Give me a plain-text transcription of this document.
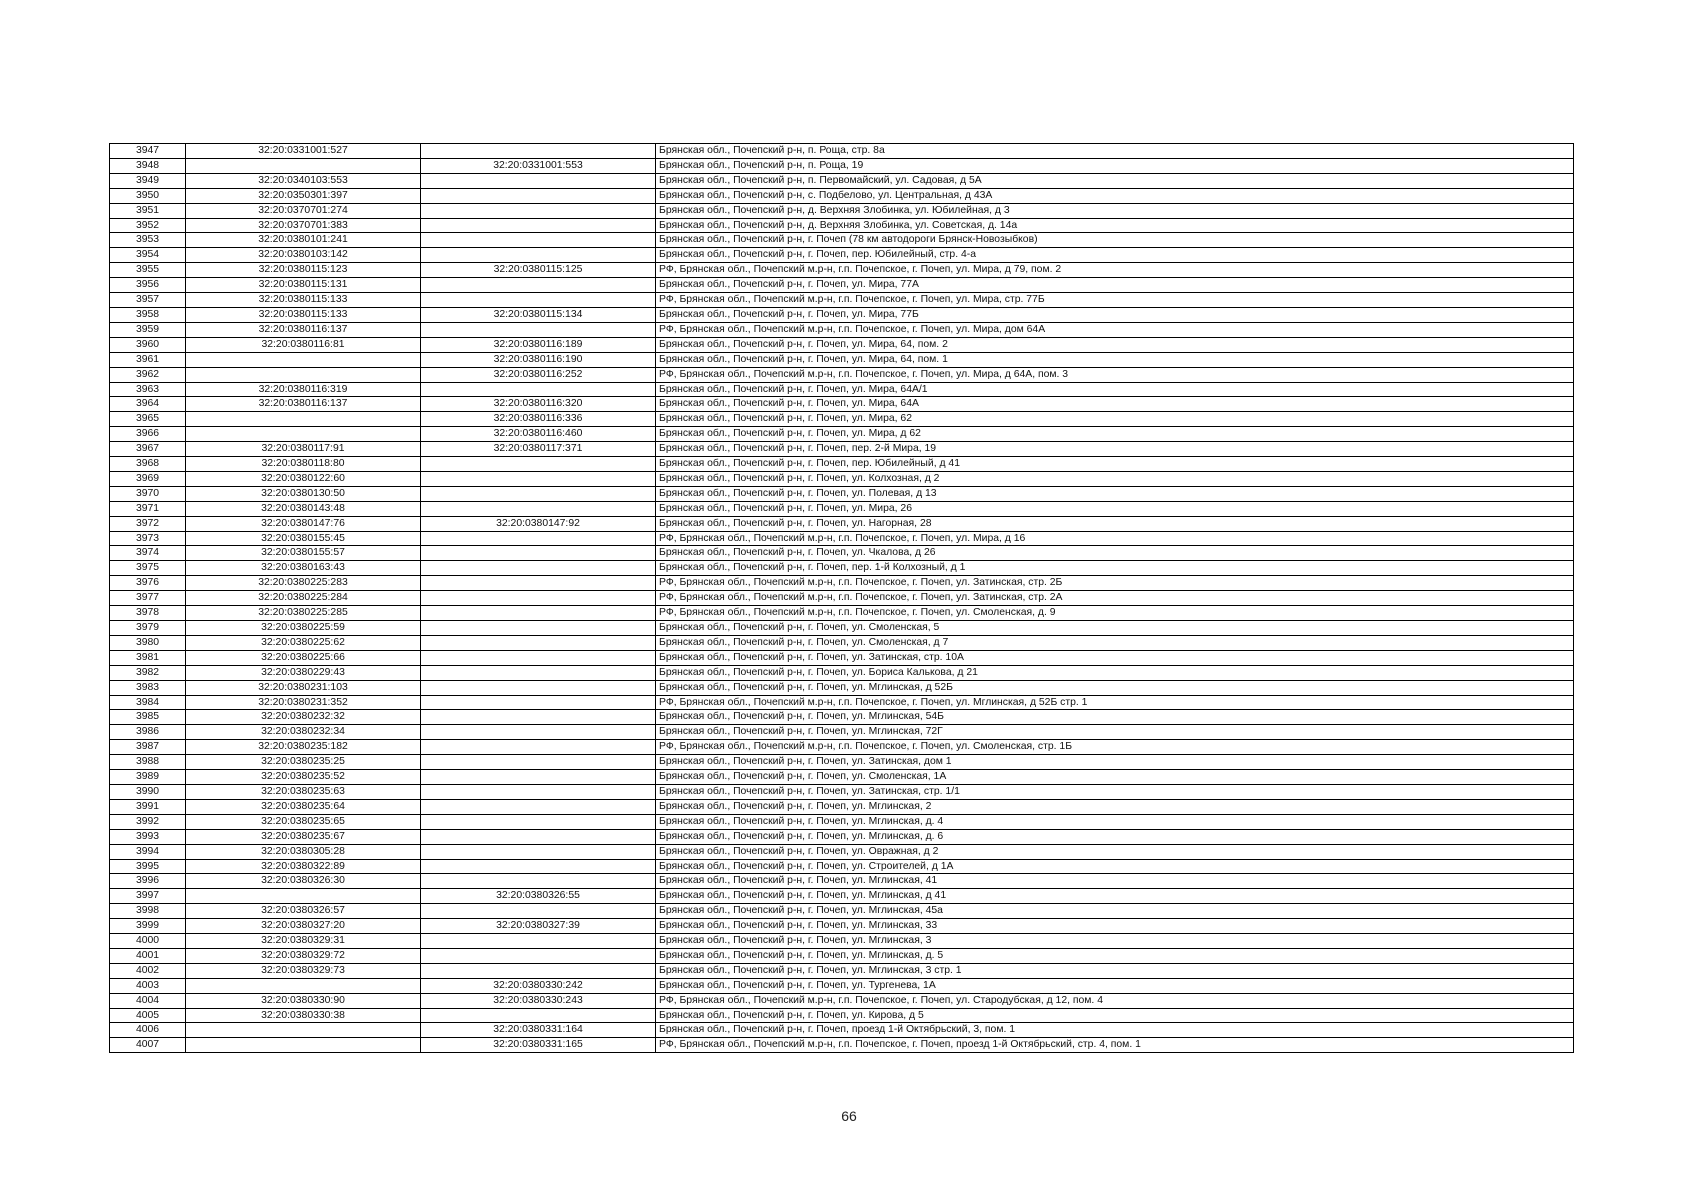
3947	32:20:0331001:527		Брянская обл., Почепский р-н, п. Роща, стр. 8а
3948		32:20:0331001:553	Брянская обл., Почепский р-н, п. Роща, 19
3949	32:20:0340103:553		Брянская обл., Почепский р-н, п. Первомайский, ул. Садовая, д 5А
3950	32:20:0350301:397		Брянская обл., Почепский р-н, с. Подбелово, ул. Центральная, д 43А
3951	32:20:0370701:274		Брянская обл., Почепский р-н, д. Верхняя Злобинка, ул. Юбилейная, д 3
3952	32:20:0370701:383		Брянская обл., Почепский р-н, д. Верхняя Злобинка, ул. Советская, д. 14а
3953	32:20:0380101:241		Брянская обл., Почепский р-н, г. Почеп (78 км автодороги Брянск-Новозыбков)
3954	32:20:0380103:142		Брянская обл., Почепский р-н, г. Почеп, пер. Юбилейный, стр. 4-а
3955	32:20:0380115:123	32:20:0380115:125	РФ, Брянская обл., Почепский м.р-н, г.п. Почепское, г. Почеп, ул. Мира, д 79, пом. 2
3956	32:20:0380115:131		Брянская обл., Почепский р-н, г. Почеп, ул. Мира, 77А
3957	32:20:0380115:133		РФ, Брянская обл., Почепский м.р-н, г.п. Почепское, г. Почеп, ул. Мира, стр. 77Б
3958	32:20:0380115:133	32:20:0380115:134	Брянская обл., Почепский р-н, г. Почеп, ул. Мира, 77Б
3959	32:20:0380116:137		РФ, Брянская обл., Почепский м.р-н, г.п. Почепское, г. Почеп, ул. Мира, дом 64А
3960	32:20:0380116:81	32:20:0380116:189	Брянская обл., Почепский р-н, г. Почеп, ул. Мира, 64, пом. 2
3961		32:20:0380116:190	Брянская обл., Почепский р-н, г. Почеп, ул. Мира, 64, пом. 1
3962		32:20:0380116:252	РФ, Брянская обл., Почепский м.р-н, г.п. Почепское, г. Почеп, ул. Мира, д 64А, пом. 3
3963	32:20:0380116:319		Брянская обл., Почепский р-н, г. Почеп, ул. Мира, 64А/1
3964	32:20:0380116:137	32:20:0380116:320	Брянская обл., Почепский р-н, г. Почеп, ул. Мира, 64А
3965		32:20:0380116:336	Брянская обл., Почепский р-н, г. Почеп, ул. Мира, 62
3966		32:20:0380116:460	Брянская обл., Почепский р-н, г. Почеп, ул. Мира, д 62
3967	32:20:0380117:91	32:20:0380117:371	Брянская обл., Почепский р-н, г. Почеп, пер. 2-й Мира, 19
3968	32:20:0380118:80		Брянская обл., Почепский р-н, г. Почеп, пер. Юбилейный, д 41
3969	32:20:0380122:60		Брянская обл., Почепский р-н, г. Почеп, ул. Колхозная, д 2
3970	32:20:0380130:50		Брянская обл., Почепский р-н, г. Почеп, ул. Полевая, д 13
3971	32:20:0380143:48		Брянская обл., Почепский р-н, г. Почеп, ул. Мира, 26
3972	32:20:0380147:76	32:20:0380147:92	Брянская обл., Почепский р-н, г. Почеп, ул. Нагорная, 28
3973	32:20:0380155:45		РФ, Брянская обл., Почепский м.р-н, г.п. Почепское, г. Почеп, ул. Мира, д 16
3974	32:20:0380155:57		Брянская обл., Почепский р-н, г. Почеп, ул. Чкалова, д 26
3975	32:20:0380163:43		Брянская обл., Почепский р-н, г. Почеп, пер. 1-й Колхозный, д 1
3976	32:20:0380225:283		РФ, Брянская обл., Почепский м.р-н, г.п. Почепское, г. Почеп, ул. Затинская, стр. 2Б
3977	32:20:0380225:284		РФ, Брянская обл., Почепский м.р-н, г.п. Почепское, г. Почеп, ул. Затинская, стр. 2А
3978	32:20:0380225:285		РФ, Брянская обл., Почепский м.р-н, г.п. Почепское, г. Почеп, ул. Смоленская, д. 9
3979	32:20:0380225:59		Брянская обл., Почепский р-н, г. Почеп, ул. Смоленская, 5
3980	32:20:0380225:62		Брянская обл., Почепский р-н, г. Почеп, ул. Смоленская, д 7
3981	32:20:0380225:66		Брянская обл., Почепский р-н, г. Почеп, ул. Затинская, стр. 10А
3982	32:20:0380229:43		Брянская обл., Почепский р-н, г. Почеп, ул. Бориса Калькова, д 21
3983	32:20:0380231:103		Брянская обл., Почепский р-н, г. Почеп, ул. Мглинская, д 52Б
3984	32:20:0380231:352		РФ, Брянская обл., Почепский м.р-н, г.п. Почепское, г. Почеп, ул. Мглинская, д 52Б стр. 1
3985	32:20:0380232:32		Брянская обл., Почепский р-н, г. Почеп, ул. Мглинская, 54Б
3986	32:20:0380232:34		Брянская обл., Почепский р-н, г. Почеп, ул. Мглинская, 72Г
3987	32:20:0380235:182		РФ, Брянская обл., Почепский м.р-н, г.п. Почепское, г. Почеп, ул. Смоленская, стр. 1Б
3988	32:20:0380235:25		Брянская обл., Почепский р-н, г. Почеп, ул. Затинская, дом 1
3989	32:20:0380235:52		Брянская обл., Почепский р-н, г. Почеп, ул. Смоленская, 1А
3990	32:20:0380235:63		Брянская обл., Почепский р-н, г. Почеп, ул. Затинская, стр. 1/1
3991	32:20:0380235:64		Брянская обл., Почепский р-н, г. Почеп, ул. Мглинская, 2
3992	32:20:0380235:65		Брянская обл., Почепский р-н, г. Почеп, ул. Мглинская, д. 4
3993	32:20:0380235:67		Брянская обл., Почепский р-н, г. Почеп, ул. Мглинская, д. 6
3994	32:20:0380305:28		Брянская обл., Почепский р-н, г. Почеп, ул. Овражная, д 2
3995	32:20:0380322:89		Брянская обл., Почепский р-н, г. Почеп, ул. Строителей, д 1А
3996	32:20:0380326:30		Брянская обл., Почепский р-н, г. Почеп, ул. Мглинская, 41
3997		32:20:0380326:55	Брянская обл., Почепский р-н, г. Почеп, ул. Мглинская, д 41
3998	32:20:0380326:57		Брянская обл., Почепский р-н, г. Почеп, ул. Мглинская, 45а
3999	32:20:0380327:20	32:20:0380327:39	Брянская обл., Почепский р-н, г. Почеп, ул. Мглинская, 33
4000	32:20:0380329:31		Брянская обл., Почепский р-н, г. Почеп, ул. Мглинская, 3
4001	32:20:0380329:72		Брянская обл., Почепский р-н, г. Почеп, ул. Мглинская, д. 5
4002	32:20:0380329:73		Брянская обл., Почепский р-н, г. Почеп, ул. Мглинская, 3 стр. 1
4003		32:20:0380330:242	Брянская обл., Почепский р-н, г. Почеп, ул. Тургенева, 1А
4004	32:20:0380330:90	32:20:0380330:243	РФ, Брянская обл., Почепский м.р-н, г.п. Почепское, г. Почеп, ул. Стародубская, д 12, пом. 4
4005	32:20:0380330:38		Брянская обл., Почепский р-н, г. Почеп, ул. Кирова, д 5
4006		32:20:0380331:164	Брянская обл., Почепский р-н, г. Почеп, проезд 1-й Октябрьский, 3, пом. 1
4007		32:20:0380331:165	РФ, Брянская обл., Почепский м.р-н, г.п. Почепское, г. Почеп, проезд 1-й Октябрьский, стр. 4, пом. 1
66
